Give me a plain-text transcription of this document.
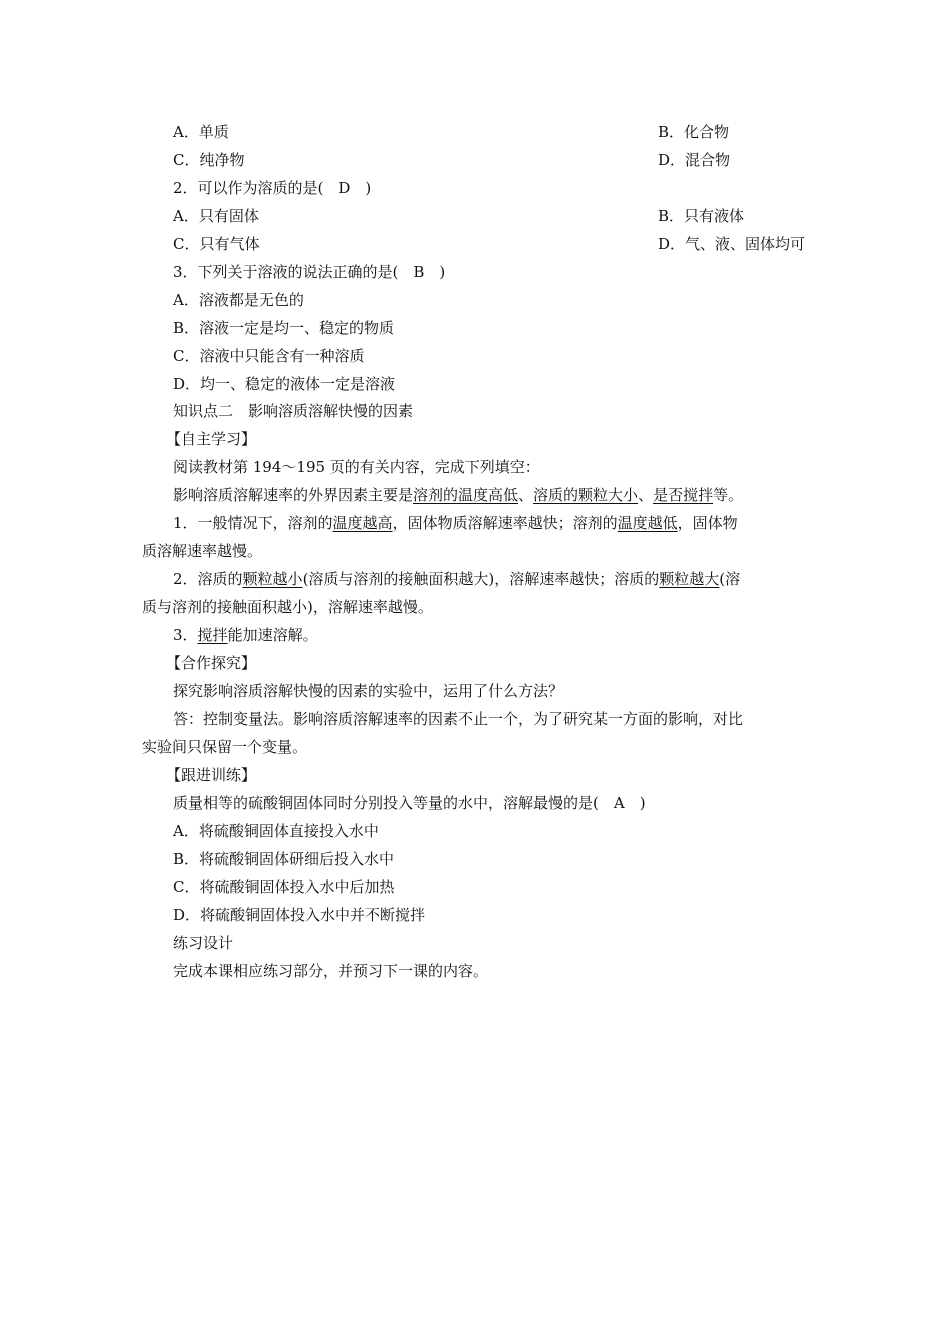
A．单质	B．化合物
C．纯净物	D．混合物
2．可以作为溶质的是(　D　)
A．只有固体	B．只有液体
C．只有气体	D．气、液、固体均可
3．下列关于溶液的说法正确的是(　B　)
A．溶液都是无色的
B．溶液一定是均一、稳定的物质
C．溶液中只能含有一种溶质
D．均一、稳定的液体一定是溶液
知识点二　影响溶质溶解快慢的因素
【自主学习】
阅读教材第 194～195 页的有关内容，完成下列填空：
影响溶质溶解速率的外界因素主要是溶剂的温度高低、溶质的颗粒大小、是否搅拌等。
1．一般情况下，溶剂的温度越高，固体物质溶解速率越快；溶剂的温度越低，固体物
质溶解速率越慢。
2．溶质的颗粒越小(溶质与溶剂的接触面积越大)，溶解速率越快；溶质的颗粒越大(溶
质与溶剂的接触面积越小)，溶解速率越慢。
3．搅拌能加速溶解。
【合作探究】
探究影响溶质溶解快慢的因素的实验中，运用了什么方法？
答：控制变量法。影响溶质溶解速率的因素不止一个，为了研究某一方面的影响，对比
实验间只保留一个变量。
【跟进训练】
质量相等的硫酸铜固体同时分别投入等量的水中，溶解最慢的是(　A　)
A．将硫酸铜固体直接投入水中
B．将硫酸铜固体研细后投入水中
C．将硫酸铜固体投入水中后加热
D．将硫酸铜固体投入水中并不断搅拌
练习设计
完成本课相应练习部分，并预习下一课的内容。
